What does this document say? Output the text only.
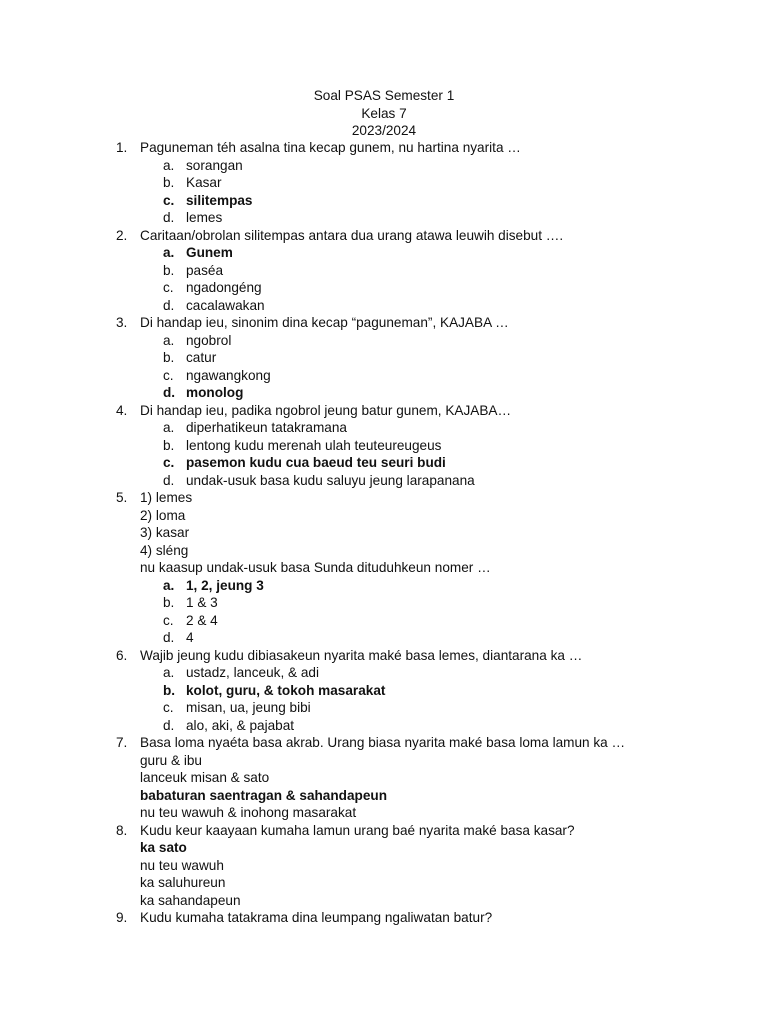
Soal PSAS Semester 1
Kelas 7
2023/2024
1. Paguneman téh asalna tina kecap gunem, nu hartina nyarita …
a. sorangan
b. Kasar
c. silitempas
d. lemes
2. Caritaan/obrolan silitempas antara dua urang atawa leuwih disebut ….
a. Gunem
b. paséa
c. ngadongéng
d. cacalawakan
3. Di handap ieu, sinonim dina kecap “paguneman”, KAJABA …
a. ngobrol
b. catur
c. ngawangkong
d. monolog
4. Di handap ieu, padika ngobrol jeung batur gunem, KAJABA…
a. diperhatikeun tatakramana
b. lentong kudu merenah ulah teuteureugeus
c. pasemon kudu cua baeud teu seuri budi
d. undak-usuk basa kudu saluyu jeung larapanana
5. 1) lemes
2) loma
3) kasar
4) sléng
nu kaasup undak-usuk basa Sunda dituduhkeun nomer …
a. 1, 2, jeung 3
b. 1 & 3
c. 2 & 4
d. 4
6. Wajib jeung kudu dibiasakeun nyarita maké basa lemes, diantarana ka …
a. ustadz, lanceuk, & adi
b. kolot, guru, & tokoh masarakat
c. misan, ua, jeung bibi
d. alo, aki, & pajabat
7. Basa loma nyaéta basa akrab. Urang biasa nyarita maké basa loma lamun ka …
guru & ibu
lanceuk misan & sato
babaturan saentragan & sahandapeun
nu teu wawuh & inohong masarakat
8. Kudu keur kaayaan kumaha lamun urang baé nyarita maké basa kasar?
ka sato
nu teu wawuh
ka saluhureun
ka sahandapeun
9. Kudu kumaha tatakrama dina leumpang ngaliwatan batur?
